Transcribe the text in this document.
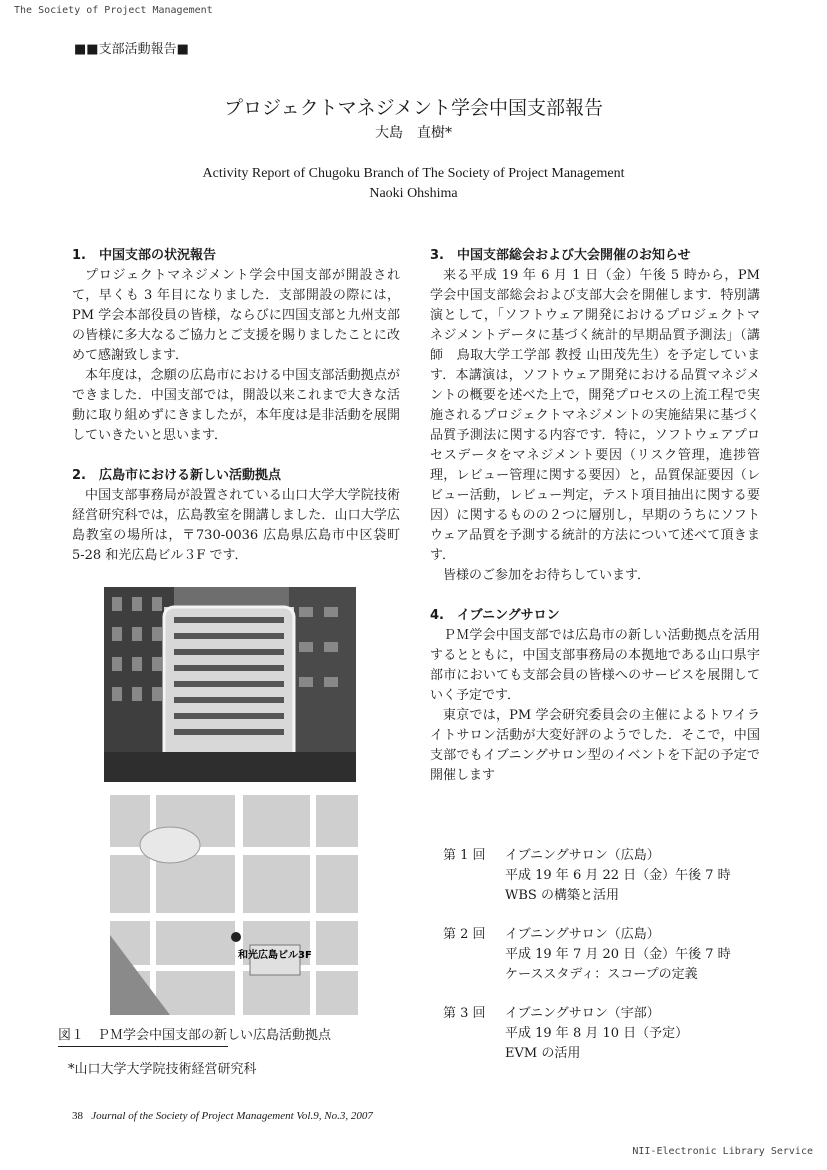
The Society of Project Management
■■支部活動報告■
プロジェクトマネジメント学会中国支部報告
大島　直樹*
Activity Report of Chugoku Branch of The Society of Project Management
Naoki Ohshima
1.　中国支部の状況報告

プロジェクトマネジメント学会中国支部が開設されて，早くも 3 年目になりました．支部開設の際には，PM 学会本部役員の皆様，ならびに四国支部と九州支部の皆様に多大なるご協力とご支援を賜りましたことに改めて感謝致します．

本年度は，念願の広島市における中国支部活動拠点ができました．中国支部では，開設以来これまで大きな活動に取り組めずにきましたが，本年度は是非活動を展開していきたいと思います．

2.　広島市における新しい活動拠点

中国支部事務局が設置されている山口大学大学院技術経営研究科では，広島教室を開講しました．山口大学広島教室の場所は，〒730-0036 広島県広島市中区袋町 5-28 和光広島ビル３F です．

和光広島ビル3F
図１　ＰＭ学会中国支部の新しい広島活動拠点
*山口大学大学院技術経営研究科
3.　中国支部総会および大会開催のお知らせ

来る平成 19 年 6 月 1 日（金）午後 5 時から，PM学会中国支部総会および支部大会を開催します．特別講演として，「ソフトウェア開発におけるプロジェクトマネジメントデータに基づく統計的早期品質予測法」（講師　鳥取大学工学部 教授 山田茂先生）を予定しています．本講演は，ソフトウェア開発における品質マネジメントの概要を述べた上で，開発プロセスの上流工程で実施されるプロジェクトマネジメントの実施結果に基づく品質予測法に関する内容です．特に，ソフトウェアプロセスデータをマネジメント要因（リスク管理，進捗管理，レビュー管理に関する要因）と，品質保証要因（レビュー活動，レビュー判定，テスト項目抽出に関する要因）に関するものの２つに層別し，早期のうちにソフトウェア品質を予測する統計的方法について述べて頂きます．

皆様のご参加をお待ちしています．

4.　イブニングサロン

ＰＭ学会中国支部では広島市の新しい活動拠点を活用するとともに，中国支部事務局の本拠地である山口県宇部市においても支部会員の皆様へのサービスを展開していく予定です．

東京では，PM 学会研究委員会の主催によるトワイライトサロン活動が大変好評のようでした．そこで，中国支部でもイブニングサロン型のイベントを下記の予定で開催します

第 1 回	イブニングサロン（広島）
平成 19 年 6 月 22 日（金）午後 7 時
WBS の構築と活用
第 2 回	イブニングサロン（広島）
平成 19 年 7 月 20 日（金）午後 7 時
ケーススタディ：スコープの定義
第 3 回	イブニングサロン（宇部）
平成 19 年 8 月 10 日（予定）
EVM の活用
38 Journal of the Society of Project Management Vol.9, No.3, 2007
NII-Electronic Library Service
